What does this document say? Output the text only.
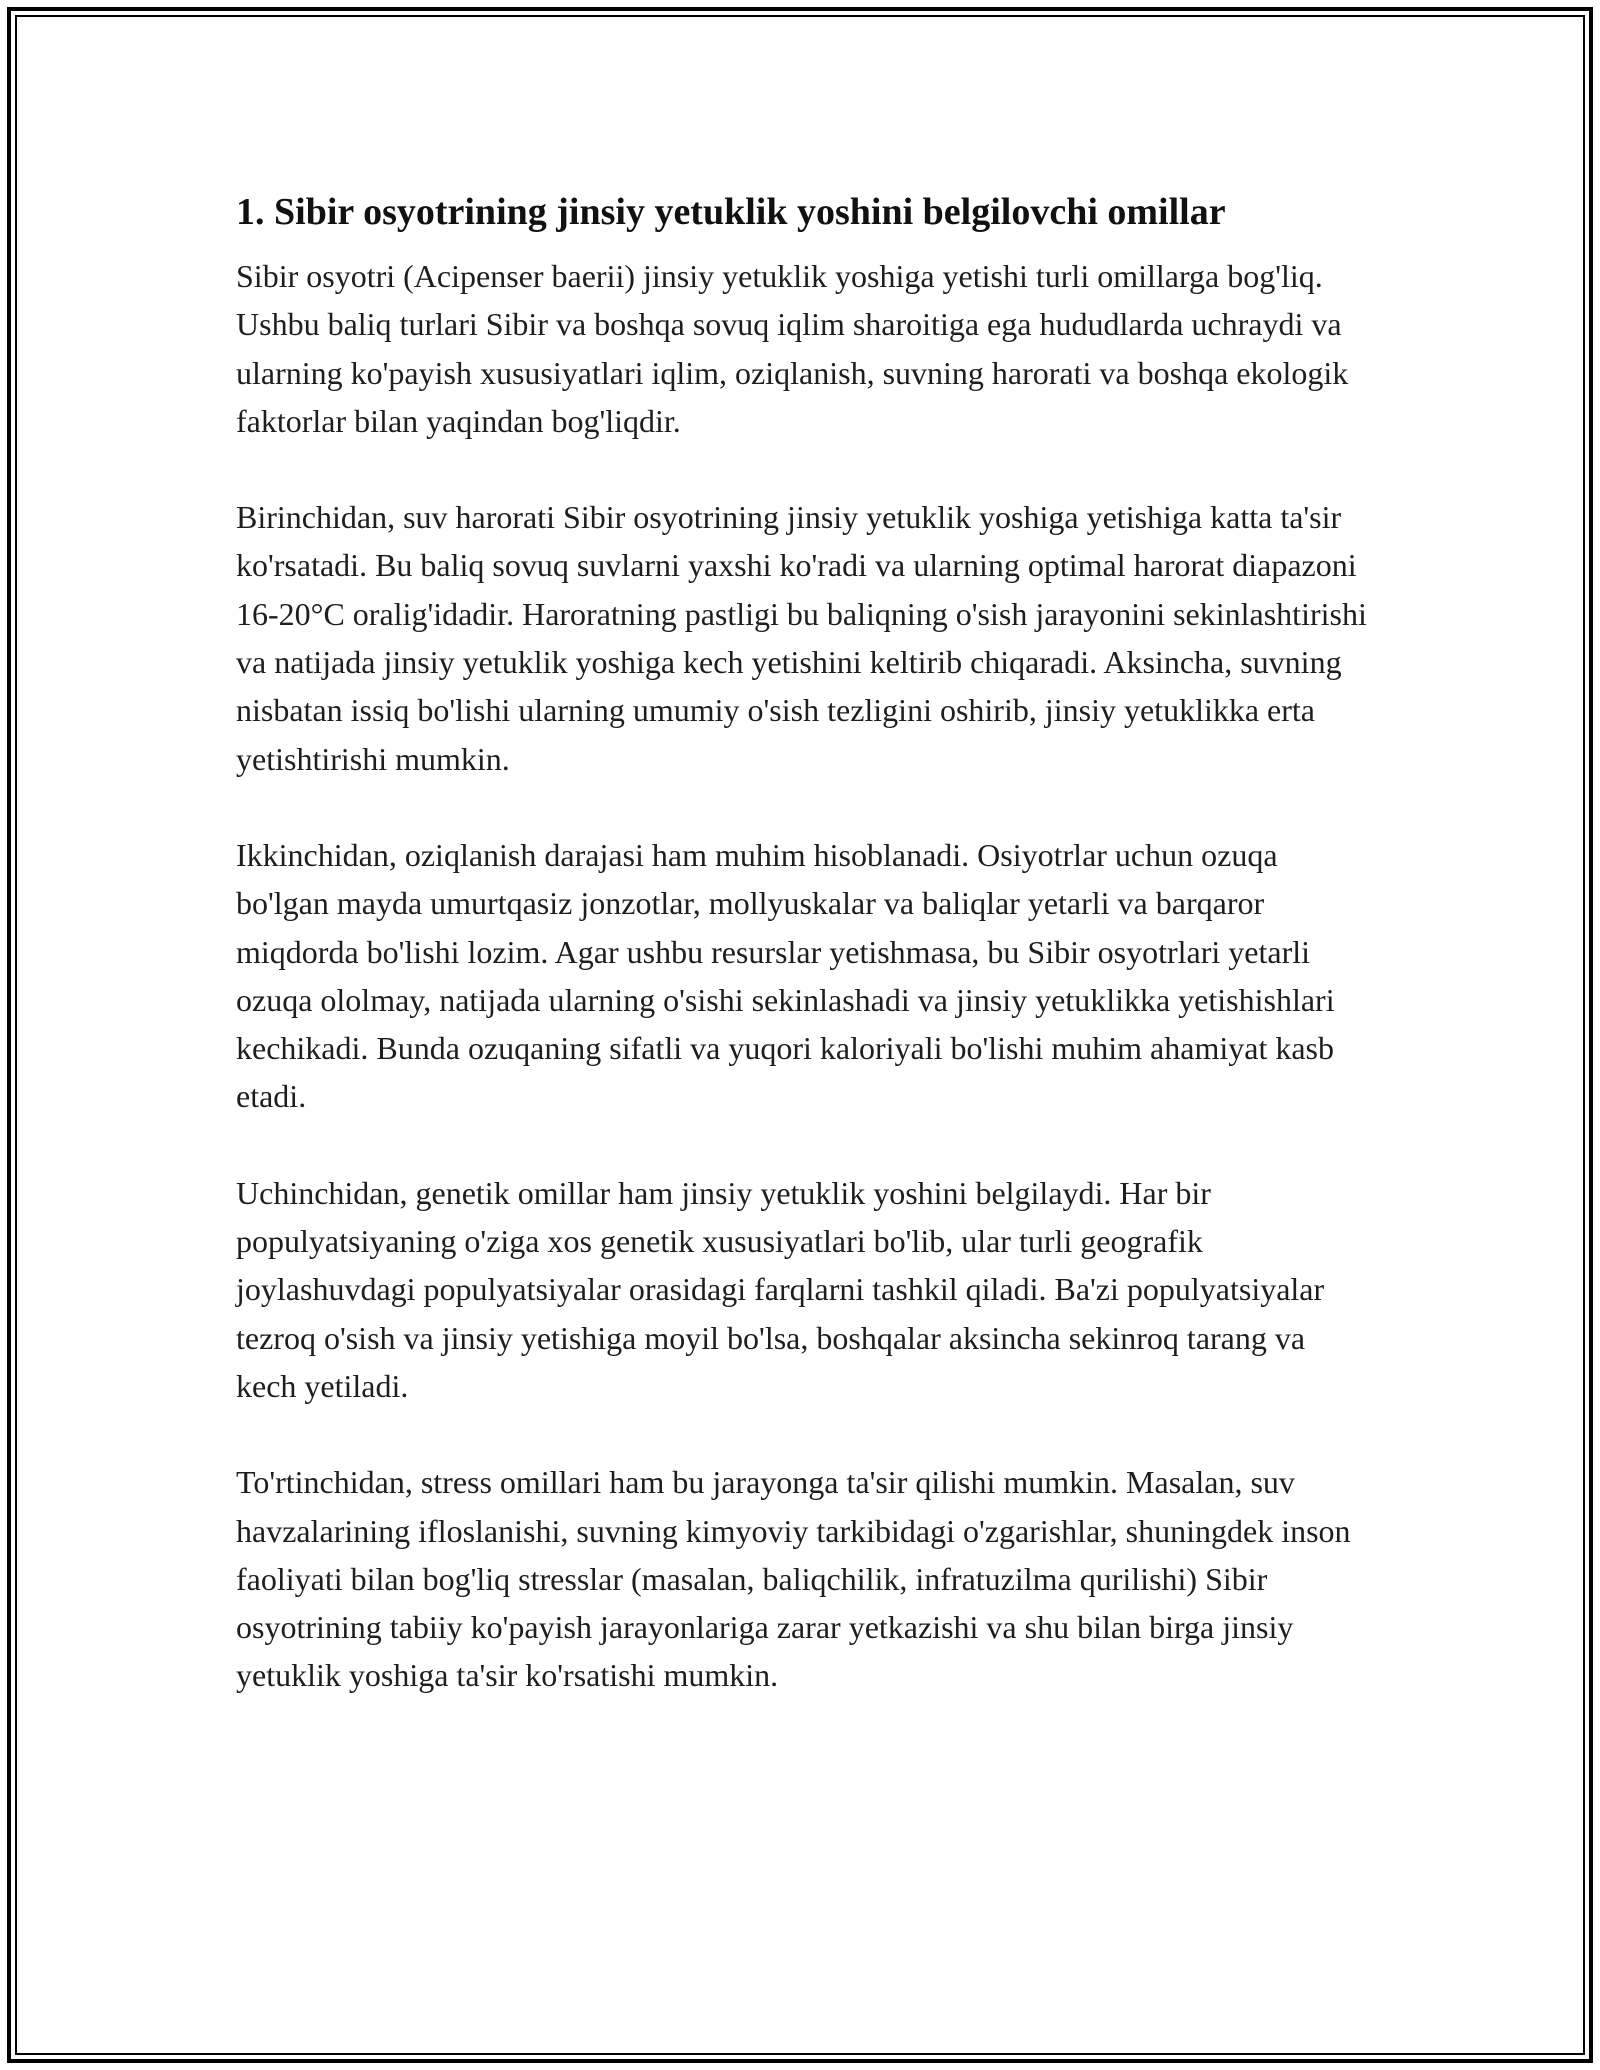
1. Sibir osyotrining jinsiy yetuklik yoshini belgilovchi omillar

Sibir osyotri (Acipenser baerii) jinsiy yetuklik yoshiga yetishi turli omillarga bog'liq. Ushbu baliq turlari Sibir va boshqa sovuq iqlim sharoitiga ega hududlarda uchraydi va ularning ko'payish xususiyatlari iqlim, oziqlanish, suvning harorati va boshqa ekologik faktorlar bilan yaqindan bog'liqdir.

Birinchidan, suv harorati Sibir osyotrining jinsiy yetuklik yoshiga yetishiga katta ta'sir ko'rsatadi. Bu baliq sovuq suvlarni yaxshi ko'radi va ularning optimal harorat diapazoni 16-20°C oralig'idadir. Haroratning pastligi bu baliqning o'sish jarayonini sekinlashtirishi va natijada jinsiy yetuklik yoshiga kech yetishini keltirib chiqaradi. Aksincha, suvning nisbatan issiq bo'lishi ularning umumiy o'sish tezligini oshirib, jinsiy yetuklikka erta yetishtirishi mumkin.

Ikkinchidan, oziqlanish darajasi ham muhim hisoblanadi. Osiyotrlar uchun ozuqa bo'lgan mayda umurtqasiz jonzotlar, mollyuskalar va baliqlar yetarli va barqaror miqdorda bo'lishi lozim. Agar ushbu resurslar yetishmasa, bu Sibir osyotrlari yetarli ozuqa ololmay, natijada ularning o'sishi sekinlashadi va jinsiy yetuklikka yetishishlari kechikadi. Bunda ozuqaning sifatli va yuqori kaloriyali bo'lishi muhim ahamiyat kasb etadi.

Uchinchidan, genetik omillar ham jinsiy yetuklik yoshini belgilaydi. Har bir populyatsiyaning o'ziga xos genetik xususiyatlari bo'lib, ular turli geografik joylashuvdagi populyatsiyalar orasidagi farqlarni tashkil qiladi. Ba'zi populyatsiyalar tezroq o'sish va jinsiy yetishiga moyil bo'lsa, boshqalar aksincha sekinroq tarang va kech yetiladi.

To'rtinchidan, stress omillari ham bu jarayonga ta'sir qilishi mumkin. Masalan, suv havzalarining ifloslanishi, suvning kimyoviy tarkibidagi o'zgarishlar, shuningdek inson faoliyati bilan bog'liq stresslar (masalan, baliqchilik, infratuzilma qurilishi) Sibir osyotrining tabiiy ko'payish jarayonlariga zarar yetkazishi va shu bilan birga jinsiy yetuklik yoshiga ta'sir ko'rsatishi mumkin.
